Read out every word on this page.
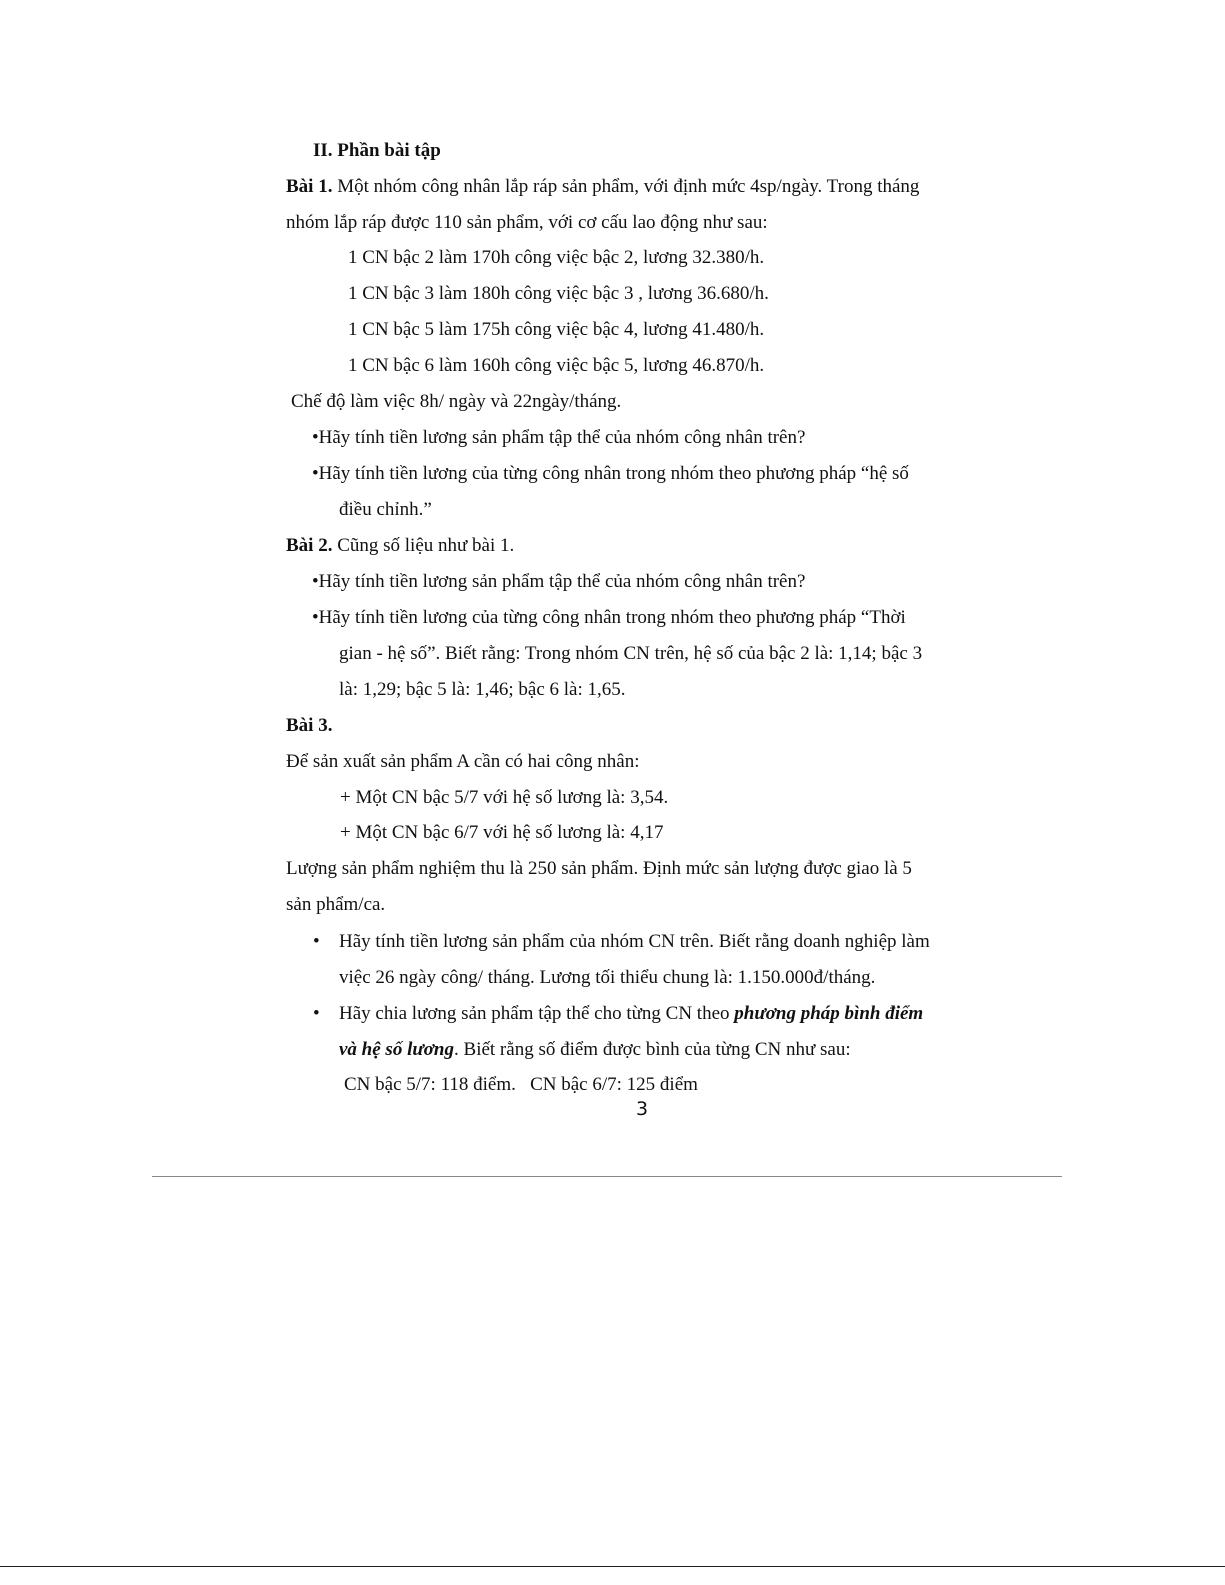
II. Phần bài tập
Bài 1. Một nhóm công nhân lắp ráp sản phẩm, với định mức 4sp/ngày. Trong tháng
nhóm lắp ráp được 110 sản phẩm, với cơ cấu lao động như sau:
1 CN bậc 2 làm 170h công việc bậc 2, lương 32.380/h.
1 CN bậc 3 làm 180h công việc bậc 3 , lương 36.680/h.
1 CN bậc 5 làm 175h công việc bậc 4, lương 41.480/h.
1 CN bậc 6 làm 160h công việc bậc 5, lương 46.870/h.
Chế độ làm việc 8h/ ngày và 22ngày/tháng.
•Hãy tính tiền lương sản phẩm tập thể của nhóm công nhân trên?
•Hãy tính tiền lương của từng công nhân trong nhóm theo phương pháp “hệ số
điều chỉnh.”
Bài 2. Cũng số liệu như bài 1.
•Hãy tính tiền lương sản phẩm tập thể của nhóm công nhân trên?
•Hãy tính tiền lương của từng công nhân trong nhóm theo phương pháp “Thời
gian - hệ số”. Biết rằng: Trong nhóm CN trên, hệ số của bậc 2 là: 1,14; bậc 3
là: 1,29; bậc 5 là: 1,46; bậc 6 là: 1,65.
Bài 3.
Để sản xuất sản phẩm A cần có hai công nhân:
+ Một CN bậc 5/7 với hệ số lương là: 3,54.
+ Một CN bậc 6/7 với hệ số lương là: 4,17
Lượng sản phẩm nghiệm thu là 250 sản phẩm. Định mức sản lượng được giao là 5
sản phẩm/ca.
• Hãy tính tiền lương sản phẩm của nhóm CN trên. Biết rằng doanh nghiệp làm
việc 26 ngày công/ tháng. Lương tối thiểu chung là: 1.150.000đ/tháng.
• Hãy chia lương sản phẩm tập thể cho từng CN theo phương pháp bình điểm
và hệ số lương. Biết rằng số điểm được bình của từng CN như sau:
CN bậc 5/7: 118 điểm.   CN bậc 6/7: 125 điểm
3
